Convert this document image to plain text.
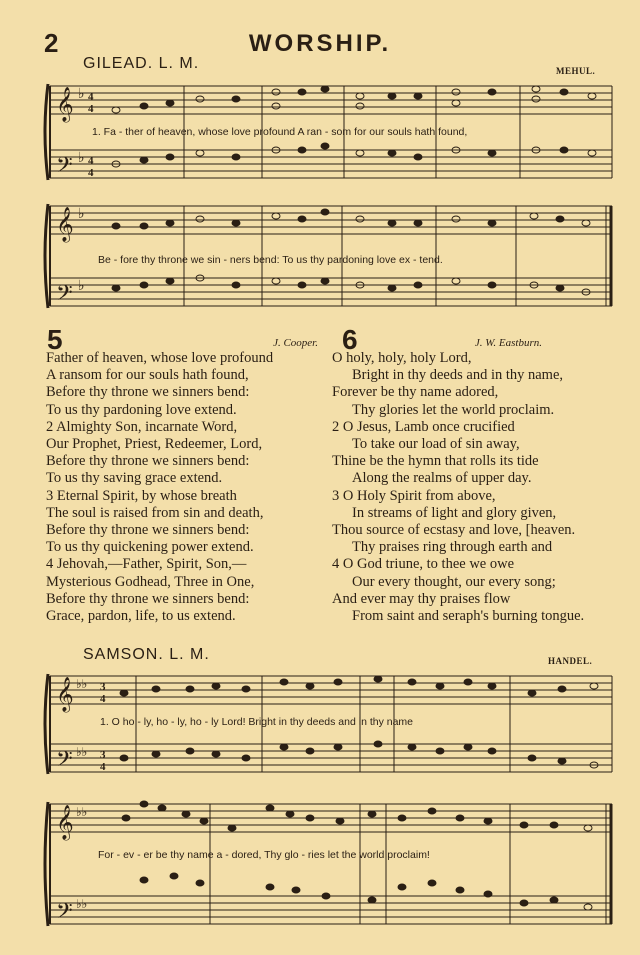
2	WORSHIP.
GILEAD. L. M.	MEHUL.
𝄞
𝄢
♭
♭
4
4
4
4
1. Fa - ther of heaven, whose love profound A ran - som for our souls hath found,
𝄞
𝄢
♭
♭
Be - fore thy throne we sin - ners bend: To us thy pardoning love ex - tend.
5	J. Cooper.
Father of heaven, whose love profound
A ransom for our souls hath found,
Before thy throne we sinners bend:
To us thy pardoning love extend.
2 Almighty Son, incarnate Word,
Our Prophet, Priest, Redeemer, Lord,
Before thy throne we sinners bend:
To us thy saving grace extend.
3 Eternal Spirit, by whose breath
The soul is raised from sin and death,
Before thy throne we sinners bend:
To us thy quickening power extend.
4 Jehovah,—Father, Spirit, Son,—
Mysterious Godhead, Three in One,
Before thy throne we sinners bend:
Grace, pardon, life, to us extend.
6	J. W. Eastburn.
O holy, holy, holy Lord,
Bright in thy deeds and in thy name,
Forever be thy name adored,
Thy glories let the world proclaim.
2 O Jesus, Lamb once crucified
To take our load of sin away,
Thine be the hymn that rolls its tide
Along the realms of upper day.
3 O Holy Spirit from above,
In streams of light and glory given,
Thou source of ecstasy and love, [heaven.
Thy praises ring through earth and
4 O God triune, to thee we owe
Our every thought, our every song;
And ever may thy praises flow
From saint and seraph's burning tongue.
SAMSON. L. M.	HANDEL.
𝄞
𝄢
♭♭
♭♭
3
4
3
4
1. O ho - ly, ho - ly, ho - ly Lord! Bright in thy deeds and in thy name
𝄞
𝄢
♭♭
♭♭
For - ev - er be thy name a - dored, Thy glo - ries let the world proclaim!
